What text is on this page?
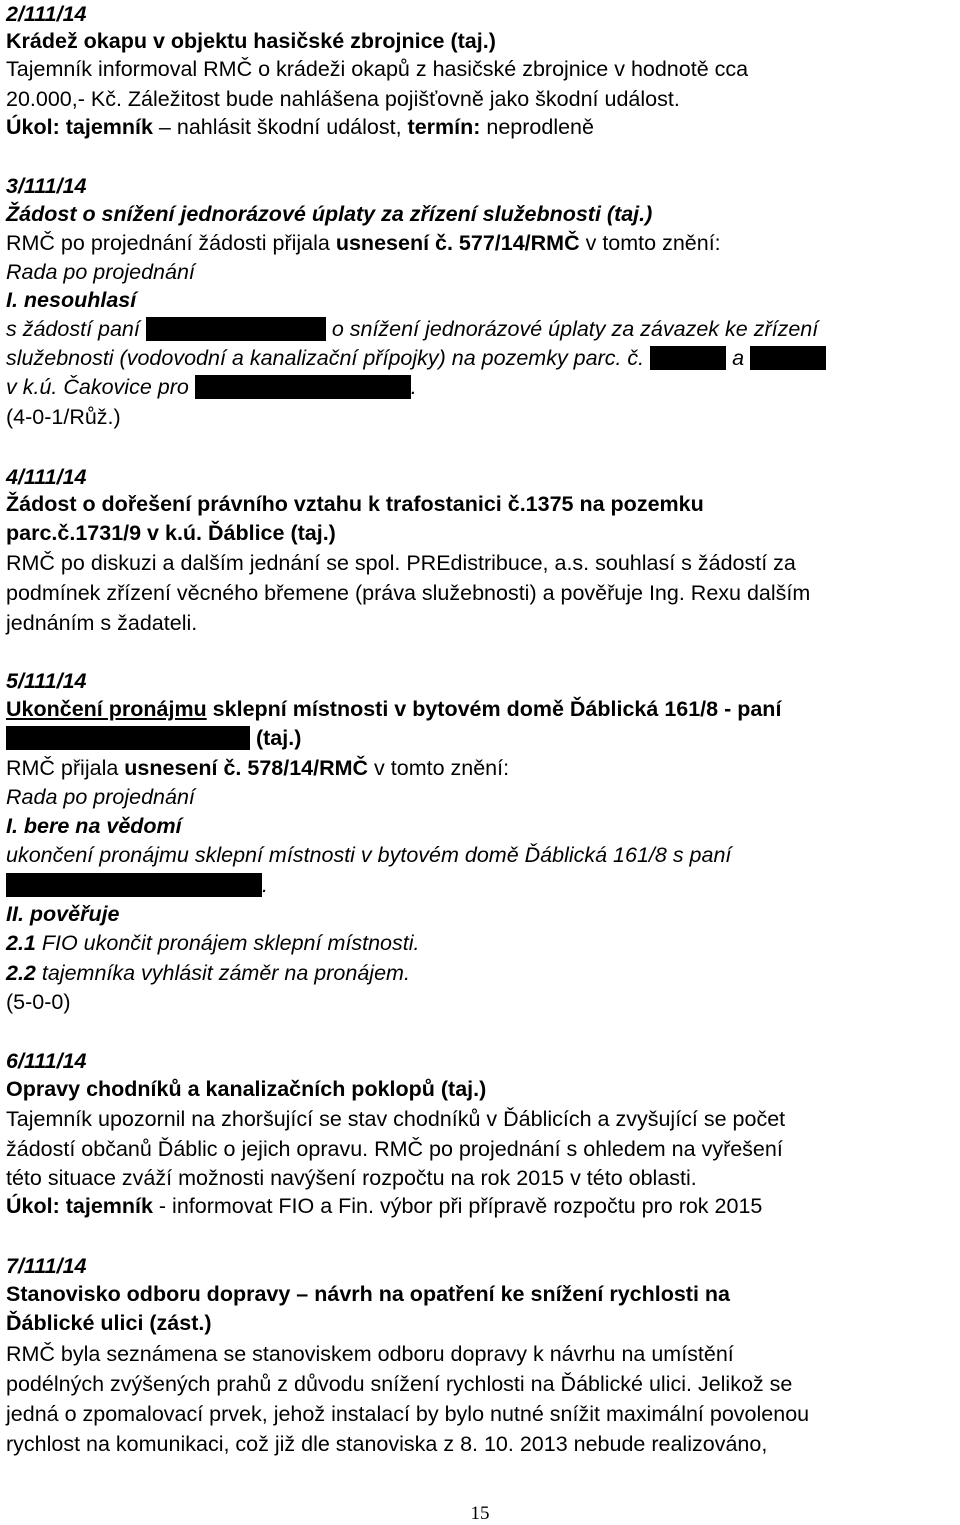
2/111/14
Krádež okapu v objektu hasičské zbrojnice (taj.)
Tajemník informoval RMČ o krádeži okapů z hasičské zbrojnice v hodnotě cca
20.000,- Kč. Záležitost bude nahlášena pojišťovně jako škodní událost.
Úkol: tajemník – nahlásit škodní událost, termín: neprodleně
3/111/14
Žádost o snížení jednorázové úplaty za zřízení služebnosti (taj.)
RMČ po projednání žádosti přijala usnesení č. 577/14/RMČ v tomto znění:
Rada po projednání
I. nesouhlasí
s žádostí paní	o snížení jednorázové úplaty za závazek ke zřízení
služebnosti (vodovodní a kanalizační přípojky) na pozemky parc. č.	a
v k.ú. Čakovice pro	.
(4-0-1/Růž.)
4/111/14
Žádost o dořešení právního vztahu k trafostanici č.1375 na pozemku
parc.č.1731/9 v k.ú. Ďáblice (taj.)
RMČ po diskuzi a dalším jednání se spol. PREdistribuce, a.s. souhlasí s žádostí za
podmínek zřízení věcného břemene (práva služebnosti) a pověřuje Ing. Rexu dalším
jednáním s žadateli.
5/111/14
Ukončení pronájmu sklepní místnosti v bytovém domě Ďáblická 161/8 - paní
(taj.)
RMČ přijala usnesení č. 578/14/RMČ v tomto znění:
Rada po projednání
I. bere na vědomí
ukončení pronájmu sklepní místnosti v bytovém domě Ďáblická 161/8 s paní
.
II. pověřuje
2.1 FIO ukončit pronájem sklepní místnosti.
2.2 tajemníka vyhlásit záměr na pronájem.
(5-0-0)
6/111/14
Opravy chodníků a kanalizačních poklopů (taj.)
Tajemník upozornil na zhoršující se stav chodníků v Ďáblicích a zvyšující se počet
žádostí občanů Ďáblic o jejich opravu. RMČ po projednání s ohledem na vyřešení
této situace zváží možnosti navýšení rozpočtu na rok 2015 v této oblasti.
Úkol: tajemník - informovat FIO a Fin. výbor při přípravě rozpočtu pro rok 2015
7/111/14
Stanovisko odboru dopravy – návrh na opatření ke snížení rychlosti na
Ďáblické ulici (zást.)
RMČ byla seznámena se stanoviskem odboru dopravy k návrhu na umístění
podélných zvýšených prahů z důvodu snížení rychlosti na Ďáblické ulici. Jelikož se
jedná o zpomalovací prvek, jehož instalací by bylo nutné snížit maximální povolenou
rychlost na komunikaci, což již dle stanoviska z 8. 10. 2013 nebude realizováno,
15
